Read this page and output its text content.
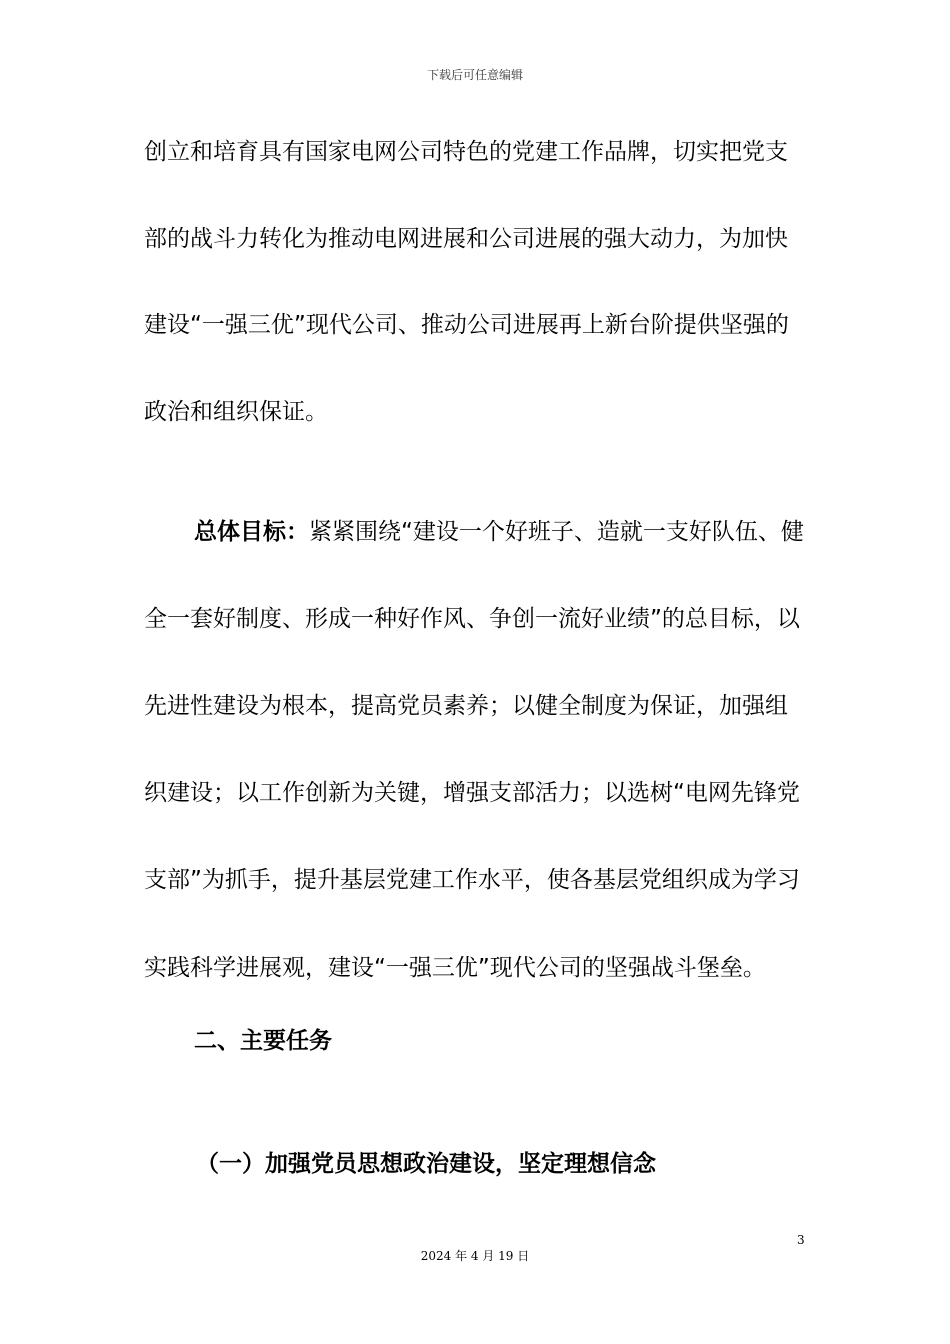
下载后可任意编辑
创立和培育具有国家电网公司特色的党建工作品牌，切实把党支
部的战斗力转化为推动电网进展和公司进展的强大动力，为加快
建设“一强三优”现代公司、推动公司进展再上新台阶提供坚强的
政治和组织保证。
总体目标：紧紧围绕“建设一个好班子、造就一支好队伍、健
全一套好制度、形成一种好作风、争创一流好业绩”的总目标，以
先进性建设为根本，提高党员素养；以健全制度为保证，加强组
织建设；以工作创新为关键，增强支部活力；以选树“电网先锋党
支部”为抓手，提升基层党建工作水平，使各基层党组织成为学习
实践科学进展观，建设“一强三优”现代公司的坚强战斗堡垒。
二、主要任务
（一）加强党员思想政治建设，坚定理想信念
3
2024 年 4 月 19 日
